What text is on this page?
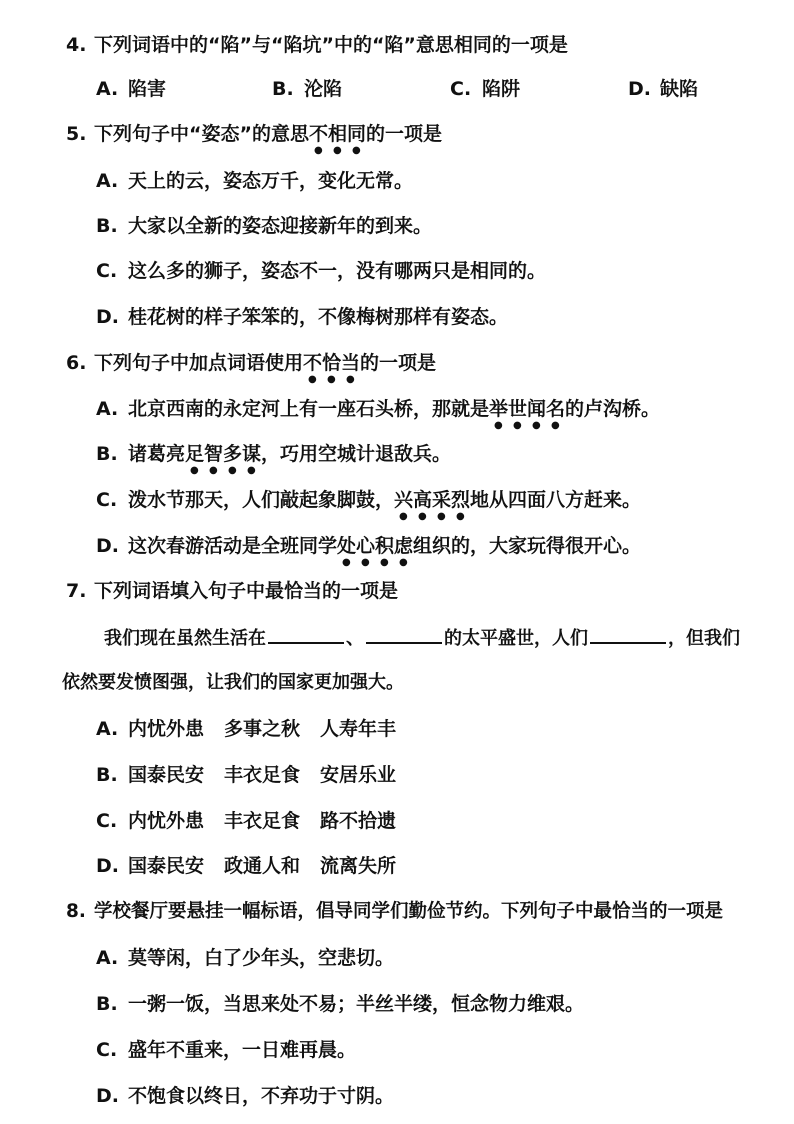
4. 下列词语中的“陷”与“陷坑”中的“陷”意思相同的一项是
A. 陷害	B. 沦陷	C. 陷阱	D. 缺陷
5. 下列句子中“姿态”的意思不相同的一项是
A. 天上的云，姿态万千，变化无常。
B. 大家以全新的姿态迎接新年的到来。
C. 这么多的狮子，姿态不一，没有哪两只是相同的。
D. 桂花树的样子笨笨的，不像梅树那样有姿态。
6. 下列句子中加点词语使用不恰当的一项是
A. 北京西南的永定河上有一座石头桥，那就是举世闻名的卢沟桥。
B. 诸葛亮足智多谋，巧用空城计退敌兵。
C. 泼水节那天，人们敲起象脚鼓，兴高采烈地从四面八方赶来。
D. 这次春游活动是全班同学处心积虑组织的，大家玩得很开心。
7. 下列词语填入句子中最恰当的一项是
我们现在虽然生活在	、	的太平盛世，人们	，但我们
依然要发愤图强，让我们的国家更加强大。
A. 内忧外患 多事之秋 人寿年丰
B. 国泰民安 丰衣足食 安居乐业
C. 内忧外患 丰衣足食 路不拾遗
D. 国泰民安 政通人和 流离失所
8. 学校餐厅要悬挂一幅标语，倡导同学们勤俭节约。下列句子中最恰当的一项是
A. 莫等闲，白了少年头，空悲切。
B. 一粥一饭，当思来处不易；半丝半缕，恒念物力维艰。
C. 盛年不重来，一日难再晨。
D. 不饱食以终日，不弃功于寸阴。
